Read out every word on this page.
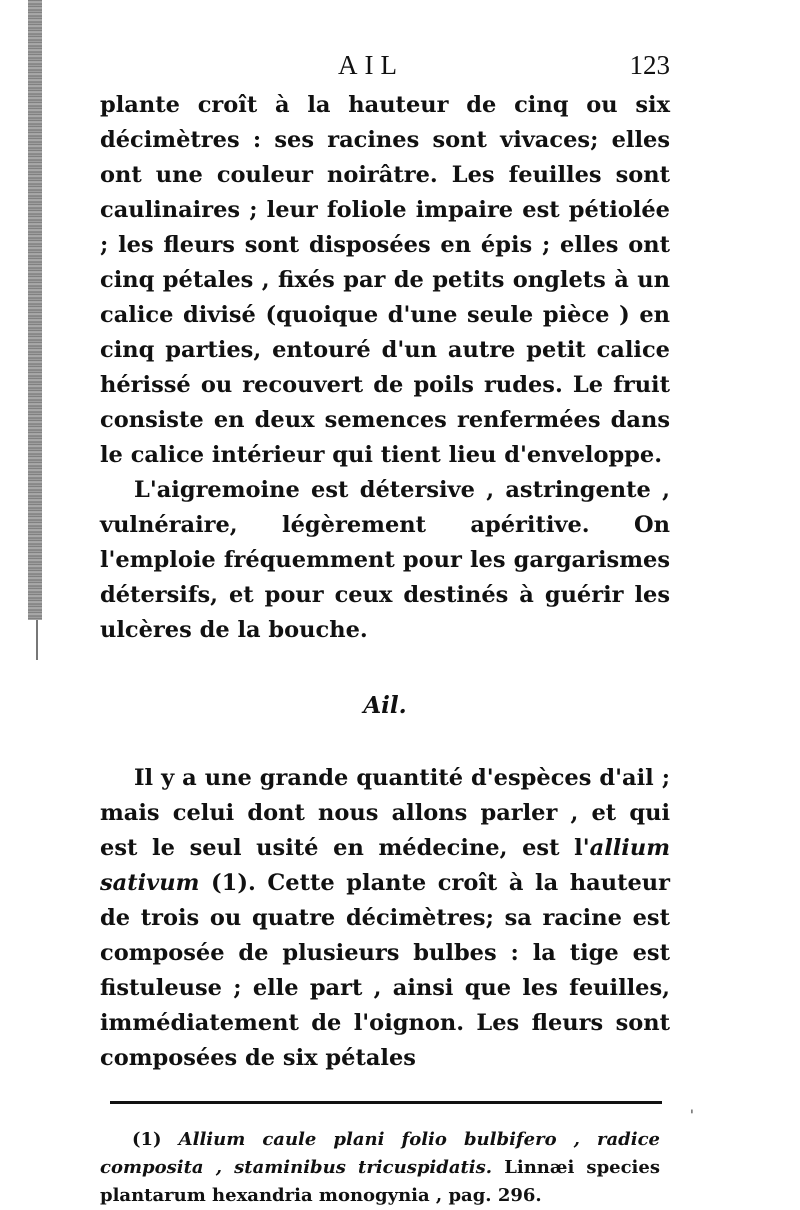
AIL	123

plante croît à la hauteur de cinq ou six décimètres : ses racines sont vivaces; elles ont une couleur noirâtre. Les feuilles sont caulinaires ; leur foliole impaire est pétiolée ; les fleurs sont disposées en épis ; elles ont cinq pétales , fixés par de petits onglets à un calice divisé (quoique d'une seule pièce ) en cinq parties, entouré d'un autre petit calice hérissé ou recouvert de poils rudes. Le fruit consiste en deux semences renfermées dans le calice intérieur qui tient lieu d'enveloppe.

L'aigremoine est détersive , astringente , vulnéraire, légèrement apéritive. On l'emploie fréquemment pour les gargarismes détersifs, et pour ceux destinés à guérir les ulcères de la bouche.

Ail.

Il y a une grande quantité d'espèces d'ail ; mais celui dont nous allons parler , et qui est le seul usité en médecine, est l'allium sativum (1). Cette plante croît à la hauteur de trois ou quatre décimètres; sa racine est composée de plusieurs bulbes : la tige est fistuleuse ; elle part , ainsi que les feuilles, immédiatement de l'oignon. Les fleurs sont composées de six pétales

(1) Allium caule plani folio bulbifero , radice composita , staminibus tricuspidatis. Linnæi species plantarum hexandria monogynia , pag. 296.
'
